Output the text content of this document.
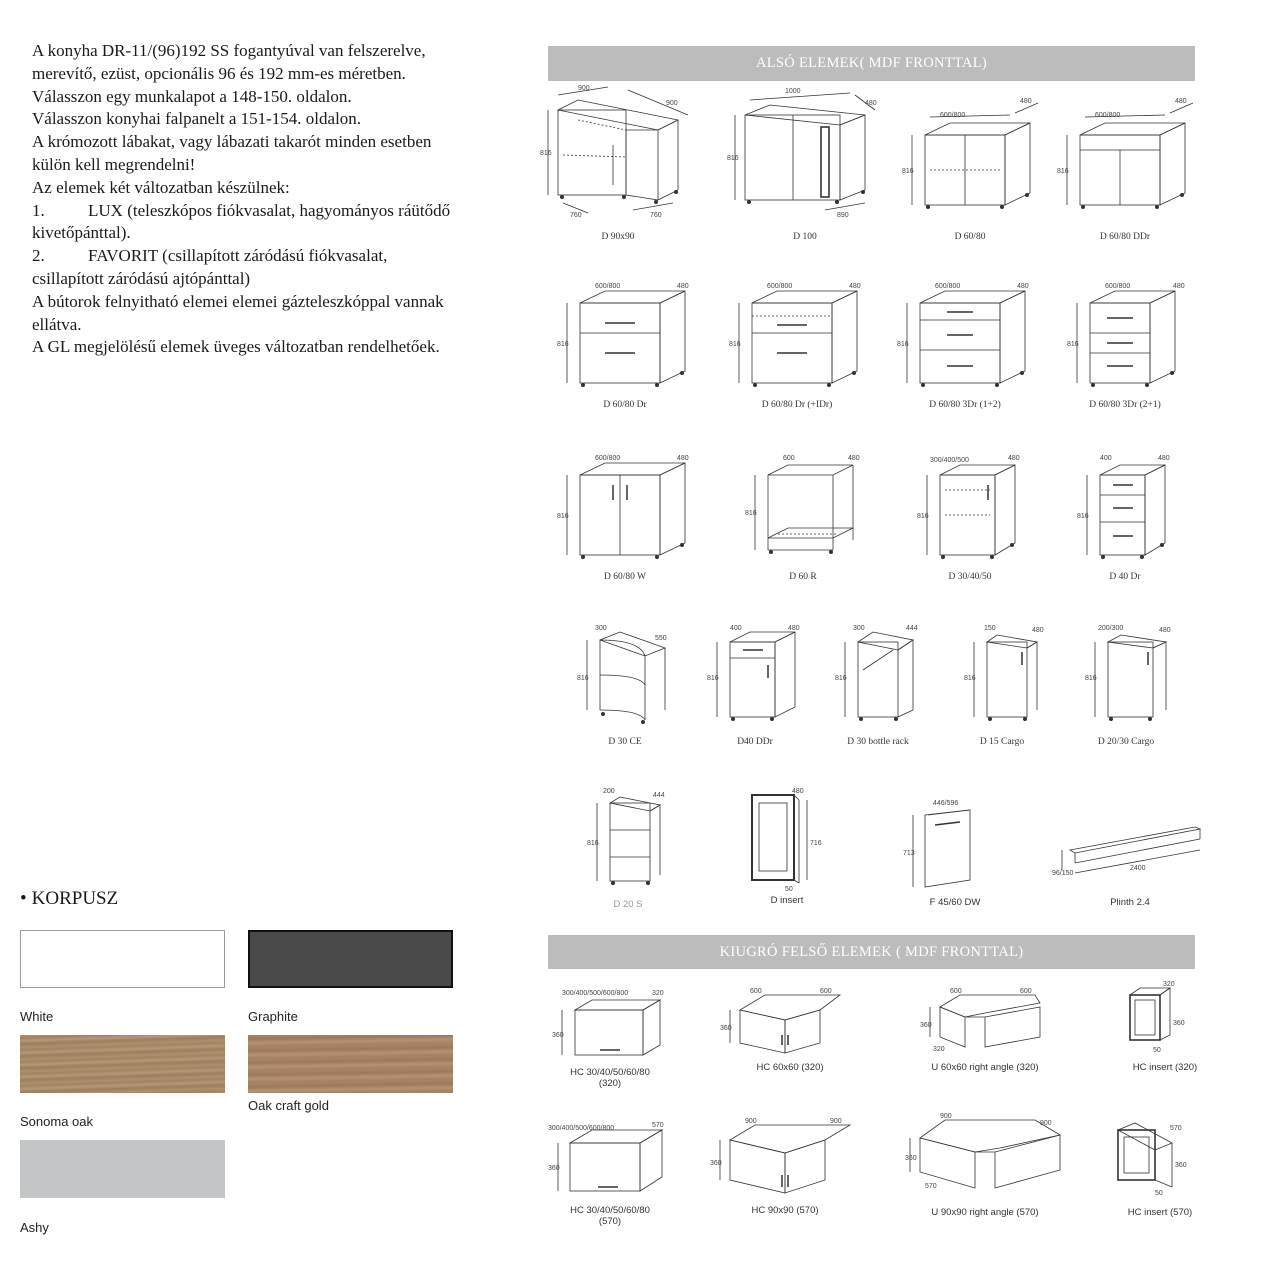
A konyha DR-11/(96)192 SS fogantyúval van felszerelve,

merevítő, ezüst, opcionális 96 és 192 mm-es méretben.

Válasszon egy munkalapot a 148-150. oldalon.

Válasszon konyhai falpanelt a 151-154. oldalon.

A krómozott lábakat, vagy lábazati takarót minden esetben

külön kell megrendelni!

Az elemek két változatban készülnek:

1.	LUX (teleszkópos fiókvasalat, hagyományos ráütődő

kivetőpánttal).

2.	FAVORIT (csillapított záródású fiókvasalat,

csillapított záródású ajtópánttal)

A bútorok felnyitható elemei elemei gázteleszkóppal vannak

ellátva.

A GL megjelölésű elemek üveges változatban rendelhetőek.

• KORPUSZ
White	Graphite
Sonoma oak
Oak craft gold
Ashy
ALSÓ ELEMEK( MDF FRONTTAL)
KIUGRÓ FELSŐ ELEMEK ( MDF FRONTTAL)
900
900
816
760	760
D 90x90
1000
480
816
890
D 100
600/800
480
816
D 60/80
600/800
480
816
D 60/80 DDr
600/800	480
816
D 60/80 Dr
600/800	480
816
D 60/80 Dr (+IDr)
600/800	480
816
D 60/80 3Dr (1+2)
600/800	480
816
D 60/80 3Dr (2+1)
600/800	480
816
D 60/80 W
600	480
816
D 60 R
300/400/500	480
816
D 30/40/50
400	480
816
D 40 Dr
300
550
816
D 30 CE
400	480
816
D40 DDr
300	444
816
D 30 bottle rack
150	480
816
D 15 Cargo
200/300	480
816
D 20/30 Cargo
200
444
816
D 20 S
480
716
50
D insert
446/596
713
F 45/60 DW
2400
96/150
Plinth 2.4
300/400/500/600/800	320
360
HC 30/40/50/60/80
(320)
600	600
360
HC 60x60 (320)
600	600
360
320
U 60x60 right angle (320)
320
360
50
HC insert (320)
300/400/500/600/800	570
360
HC 30/40/50/60/80
(570)
900	900
360
HC 90x90 (570)
900
900
360
570
U 90x90 right angle (570)
570
360
50
HC insert (570)
